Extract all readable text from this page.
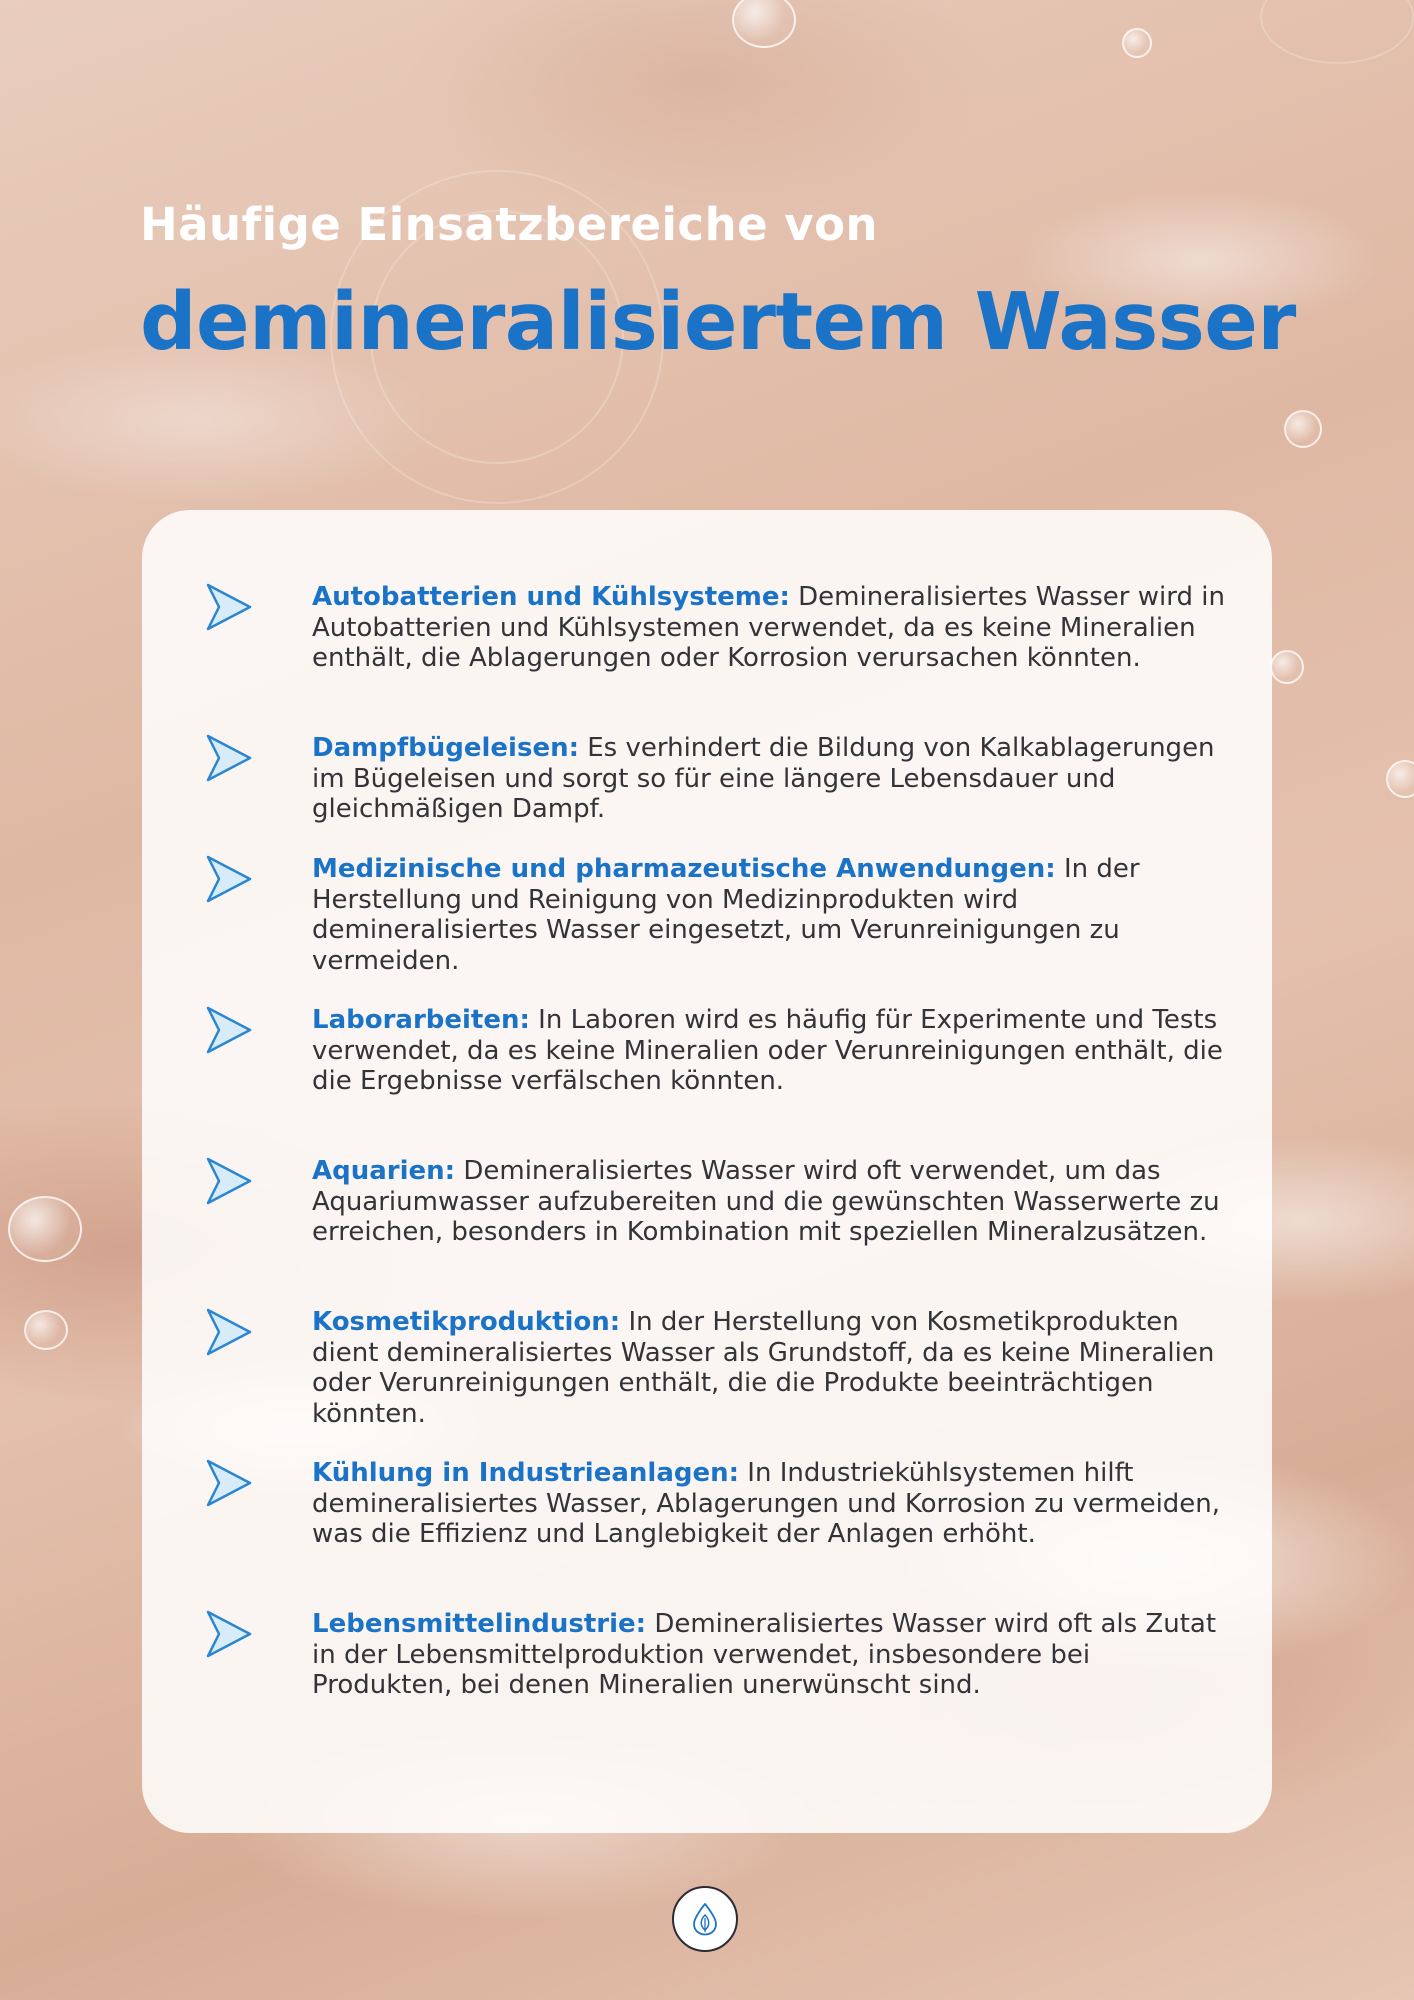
Häufige Einsatzbereiche von
demineralisiertem Wasser

Autobatterien und Kühlsysteme: Demineralisiertes Wasser wird in Autobatterien und Kühlsystemen verwendet, da es keine Mineralien enthält, die Ablagerungen oder Korrosion verursachen könnten.

Dampfbügeleisen: Es verhindert die Bildung von Kalkablagerungen im Bügeleisen und sorgt so für eine längere Lebensdauer und gleichmäßigen Dampf.

Medizinische und pharmazeutische Anwendungen: In der Herstellung und Reinigung von Medizinprodukten wird demineralisiertes Wasser eingesetzt, um Verunreinigungen zu vermeiden.

Laborarbeiten: In Laboren wird es häufig für Experimente und Tests verwendet, da es keine Mineralien oder Verunreinigungen enthält, die die Ergebnisse verfälschen könnten.

Aquarien: Demineralisiertes Wasser wird oft verwendet, um das Aquariumwasser aufzubereiten und die gewünschten Wasserwerte zu erreichen, besonders in Kombination mit speziellen Mineralzusätzen.

Kosmetikproduktion: In der Herstellung von Kosmetikprodukten dient demineralisiertes Wasser als Grundstoff, da es keine Mineralien oder Verunreinigungen enthält, die die Produkte beeinträchtigen könnten.

Kühlung in Industrieanlagen: In Industriekühlsystemen hilft demineralisiertes Wasser, Ablagerungen und Korrosion zu vermeiden, was die Effizienz und Langlebigkeit der Anlagen erhöht.

Lebensmittelindustrie: Demineralisiertes Wasser wird oft als Zutat in der Lebensmittelproduktion verwendet, insbesondere bei Produkten, bei denen Mineralien unerwünscht sind.
